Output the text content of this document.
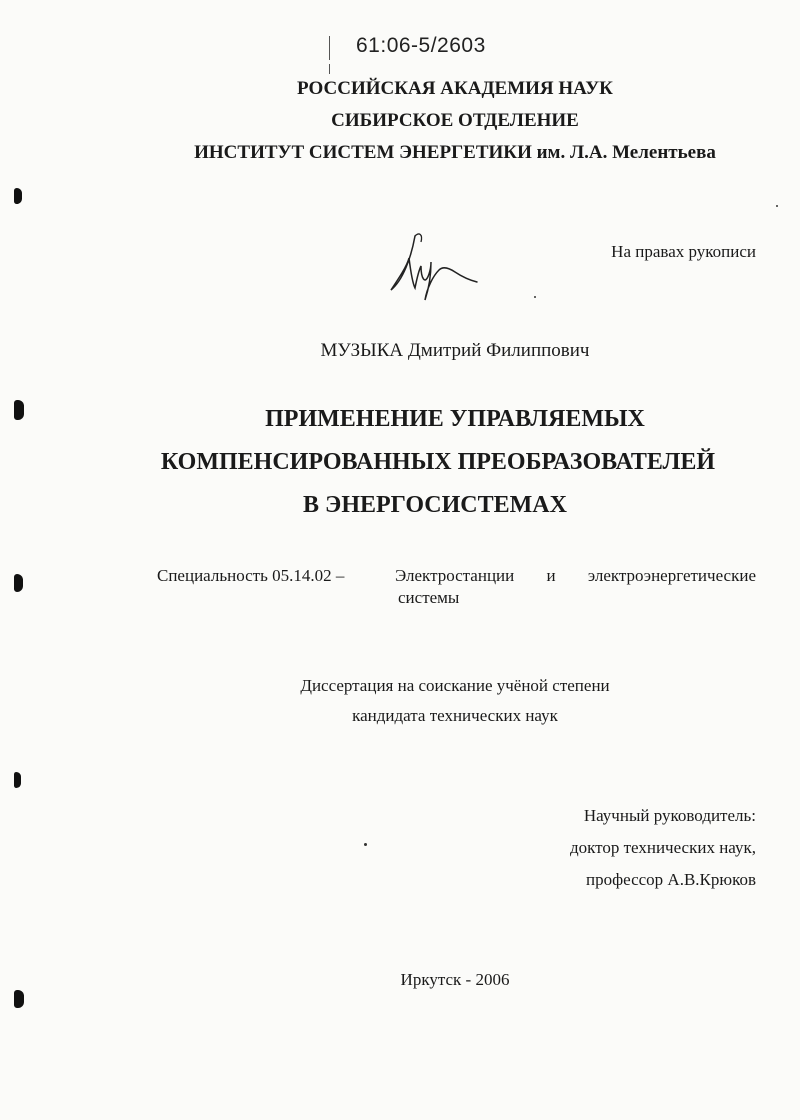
61:06-5/2603
РОССИЙСКАЯ АКАДЕМИЯ НАУК
СИБИРСКОЕ ОТДЕЛЕНИЕ
ИНСТИТУТ СИСТЕМ ЭНЕРГЕТИКИ им. Л.А. Мелентьева
На правах рукописи
МУЗЫКА Дмитрий Филиппович
ПРИМЕНЕНИЕ УПРАВЛЯЕМЫХ
КОМПЕНСИРОВАННЫХ ПРЕОБРАЗОВАТЕЛЕЙ
В ЭНЕРГОСИСТЕМАХ
Специальность 05.14.02 –	Электростанции и электроэнергетические
системы
Диссертация на соискание учёной степени
кандидата технических наук
Научный руководитель:
доктор технических наук,
профессор А.В.Крюков
Иркутск - 2006
